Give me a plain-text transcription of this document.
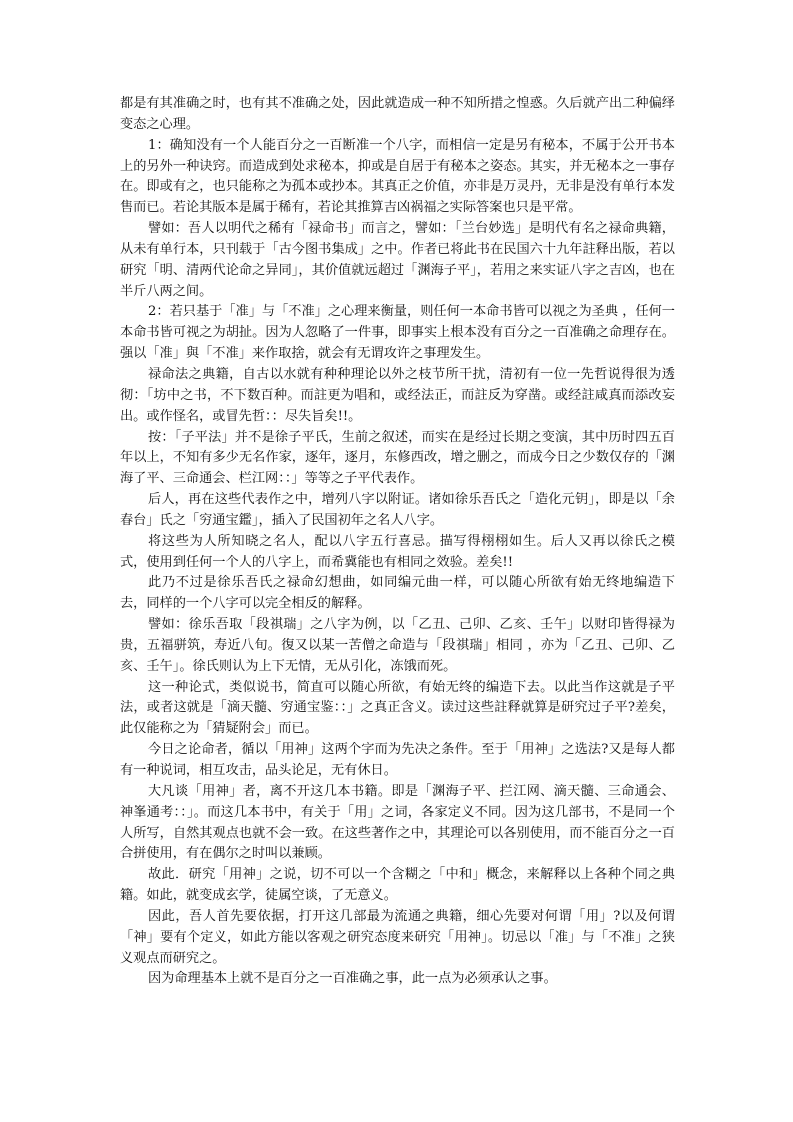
都是有其准确之时，也有其不准确之处，因此就造成一种不知所措之惶惑。久后就产出二种偏绎变态之心理。

1：确知没有一个人能百分之一百断准一个八字，而相信一定是另有秘本，不属于公开书本上的另外一种诀窍。而造成到处求秘本，抑或是自居于有秘本之姿态。其实，并无秘本之一事存在。即或有之，也只能称之为孤本或抄本。其真正之价值，亦非是万灵丹，无非是没有单行本发售而已。若论其版本是属于稀有，若论其推算吉凶祸福之实际答案也只是平常。

譬如：吾人以明代之稀有「禄命书」而言之，譬如：「兰台妙选」是明代有名之禄命典籍，从未有单行本，只刊载于「古今图书集成」之中。作者已将此书在民国六十九年註释出版，若以研究「明、清两代论命之异同」，其价值就远超过「渊海子平」，若用之来实证八字之吉凶，也在半斤八两之间。

2：若只基于「准」与「不准」之心理来衡量，则任何一本命书皆可以视之为圣典 ，任何一本命书皆可视之为胡扯。因为人忽略了一件事，即事实上根本没有百分之一百准确之命理存在。强以「准」與「不准」来作取捨，就会有无谓攻许之事理发生。

禄命法之典籍，自古以水就有种种理论以外之枝节所干扰，清初有一位一先哲说得很为透彻：「坊中之书，不下数百种。而註更为唱和，或经法正，而註反为穿凿。或经註咸真而添改妄出。或作怪名，或冒先哲：：尽失旨矣!!。

按：「子平法」并不是徐子平氏，生前之叙述，而实在是经过长期之变演，其中历时四五百年以上，不知有多少无名作家，逐年，逐月，东修西改，增之删之，而成今日之少数仅存的「渊海了平、三命通会、栏江网：：」等等之子平代表作。

后人，再在这些代表作之中，增列八字以附证。诸如徐乐吾氏之「造化元钥」，即是以「余春台」氏之「穷通宝鑑」，插入了民国初年之名人八字。

将这些为人所知晓之名人，配以八字五行喜忌。描写得栩栩如生。后人又再以徐氏之模式，使用到任何一个人的八字上，而希冀能也有相同之效验。差矣!!

此乃不过是徐乐吾氏之禄命幻想曲，如同编元曲一样，可以随心所欲有始无终地编造下去，同样的一个八字可以完全相反的解释。

譬如：徐乐吾取「段祺瑞」之八字为例，以「乙丑、己卯、乙亥、壬午」以财印皆得禄为贵，五福骈筑，寿近八旬。復又以某一苦僧之命造与「段祺瑞」相同 ，亦为「乙丑、己卯、乙亥、壬午」。徐氏则认为上下无情，无从引化，冻饿而死。

这一种论式，类似说书，简直可以随心所欲，有始无终的编造下去。以此当作这就是子平法，或者这就是「滴天髓、穷通宝鉴：：」之真正含义。读过这些註释就算是研究过子平?差矣，此仅能称之为「猜疑附会」而已。

今日之论命者，循以「用神」这两个字而为先决之条件。至于「用神」之选法?又是每人都有一种说词，相互攻击，品头论足，无有休日。

大凡谈「用神」者，离不开这几本书籍。即是「渊海子平、拦江网、滴天髓、三命通会、神峯通考：：」。而这几本书中，有关于「用」之词，各家定义不同。因为这几部书，不是同一个人所写，自然其观点也就不会一致。在这些著作之中，其理论可以各别使用，而不能百分之一百合拼使用，有在偶尔之时叫以兼顾。

故此．研究「用神」之说，切不可以一个含糊之「中和」概念，来解释以上各种个同之典籍。如此，就变成玄学，徒属空谈，了无意义。

因此，吾人首先要依据，打开这几部最为流通之典籍，细心先要对何谓「用」?以及何谓「神」要有个定义，如此方能以客观之研究态度来研究「用神」。切忌以「准」与「不准」之狭义观点而研究之。

因为命理基本上就不是百分之一百准确之事，此一点为必须承认之事。
